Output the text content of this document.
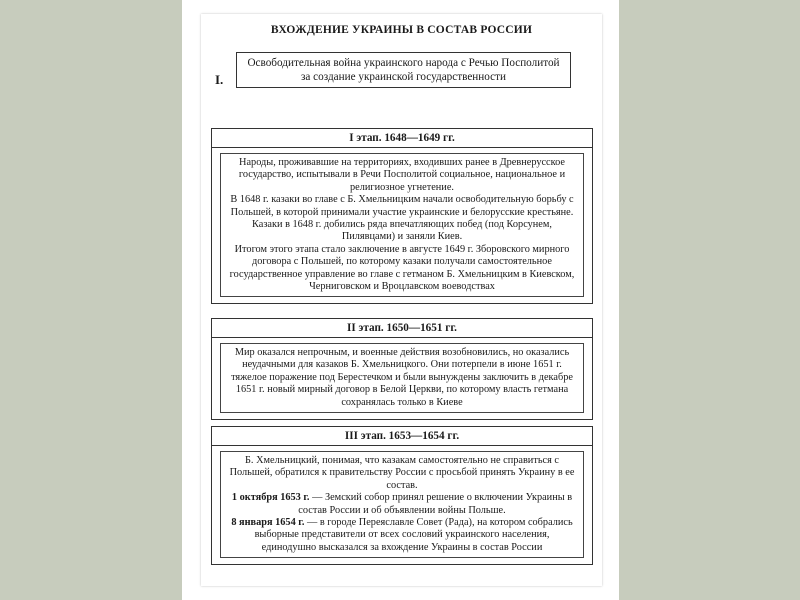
ВХОЖДЕНИЕ УКРАИНЫ В СОСТАВ РОССИИ
I.
Освободительная война украинского народа с Речью Посполитой за создание украинской государственности
I этап. 1648—1649 гг.

Народы, проживавшие на территориях, входивших ранее в Древнерусское государство, испытывали в Речи Посполитой социальное, национальное и религиозное угнетение.

В 1648 г. казаки во главе с Б. Хмельницким начали освободительную борьбу с Польшей, в которой принимали участие украинские и белорусские крестьяне. Казаки в 1648 г. добились ряда впечатляющих побед (под Корсунем, Пилявцами) и заняли Киев.

Итогом этого этапа стало заключение в августе 1649 г. Зборовского мирного договора с Польшей, по которому казаки получали самостоятельное государственное управление во главе с гетманом Б. Хмельницким в Киевском, Черниговском и Вроцлавском воеводствах

II этап. 1650—1651 гг.

Мир оказался непрочным, и военные действия возобновились, но оказались неудачными для казаков Б. Хмельницкого. Они потерпели в июне 1651 г. тяжелое поражение под Берестечком и были вынуждены заключить в декабре 1651 г. новый мирный договор в Белой Церкви, по которому власть гетмана сохранялась только в Киеве

III этап. 1653—1654 гг.

Б. Хмельницкий, понимая, что казакам самостоятельно не справиться с Польшей, обратился к правительству России с просьбой принять Украину в ее состав.

1 октября 1653 г. — Земский собор принял решение о включении Украины в состав России и об объявлении войны Польше.

8 января 1654 г. — в городе Переяславле Совет (Рада), на котором собрались выборные представители от всех сословий украинского населения, единодушно высказался за вхождение Украины в состав России
